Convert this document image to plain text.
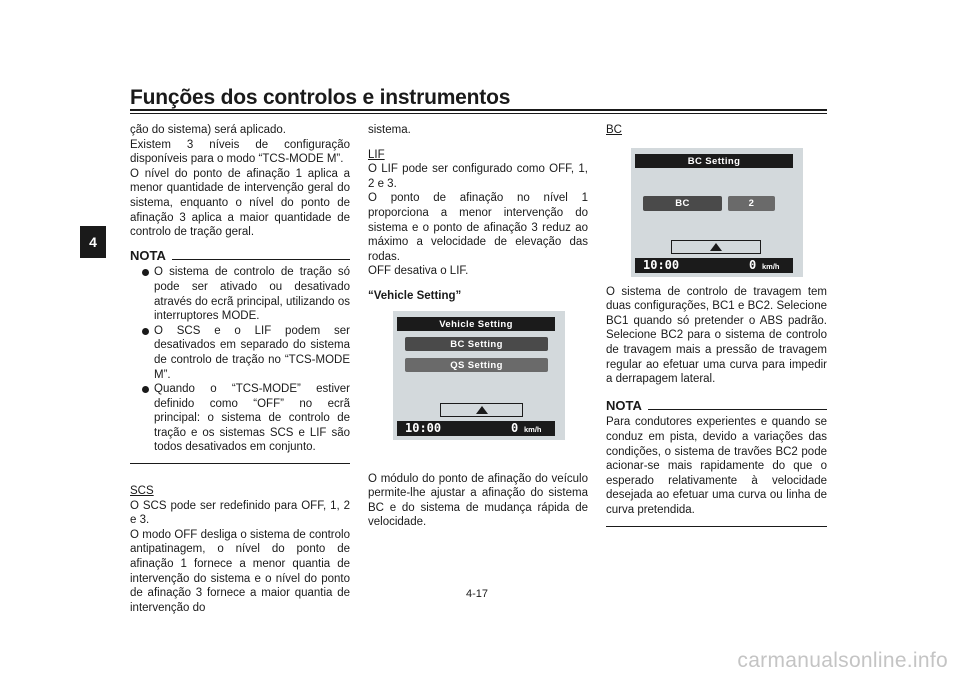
Funções dos controlos e instrumentos
4

ção do sistema) será aplicado.

Existem 3 níveis de configuração disponíveis para o modo “TCS-MODE M”.

O nível do ponto de afinação 1 aplica a menor quantidade de intervenção geral do sistema, enquanto o nível do ponto de afinação 3 aplica a maior quantidade de controlo de tração geral.

NOTA
O sistema de controlo de tração só pode ser ativado ou desativado através do ecrã principal, utilizando os interruptores MODE.
O SCS e o LIF podem ser desativados em separado do sistema de controlo de tração no “TCS-MODE M”.
Quando o “TCS-MODE” estiver definido como “OFF” no ecrã principal: o sistema de controlo de tração e os sistemas SCS e LIF são todos desativados em conjunto.

SCS

O SCS pode ser redefinido para OFF, 1, 2 e 3.

O modo OFF desliga o sistema de controlo antipatinagem, o nível do ponto de afinação 1 fornece a menor quantia de intervenção do sistema e o nível do ponto de afinação 3 fornece a maior quantia de intervenção do

sistema.

LIF

O LIF pode ser configurado como OFF, 1, 2 e 3.

O ponto de afinação no nível 1 proporciona a menor intervenção do sistema e o ponto de afinação 3 reduz ao máximo a velocidade de elevação das rodas.

OFF desativa o LIF.

“Vehicle Setting”

O módulo do ponto de afinação do veículo permite-lhe ajustar a afinação do sistema BC e do sistema de mudança rápida de velocidade.

Vehicle Setting
BC Setting
QS Setting
10:00	0 km/h

BC

O sistema de controlo de travagem tem duas configurações, BC1 e BC2. Selecione BC1 quando só pretender o ABS padrão. Selecione BC2 para o sistema de controlo de travagem mais a pressão de travagem regular ao efetuar uma curva para impedir a derrapagem lateral.

NOTA

Para condutores experientes e quando se conduz em pista, devido a variações das condições, o sistema de travões BC2 pode acionar-se mais rapidamente do que o esperado relativamente à velocidade desejada ao efetuar uma curva ou linha de curva pretendida.

BC Setting
BC	2
10:00	0 km/h
4-17
carmanualsonline.info
